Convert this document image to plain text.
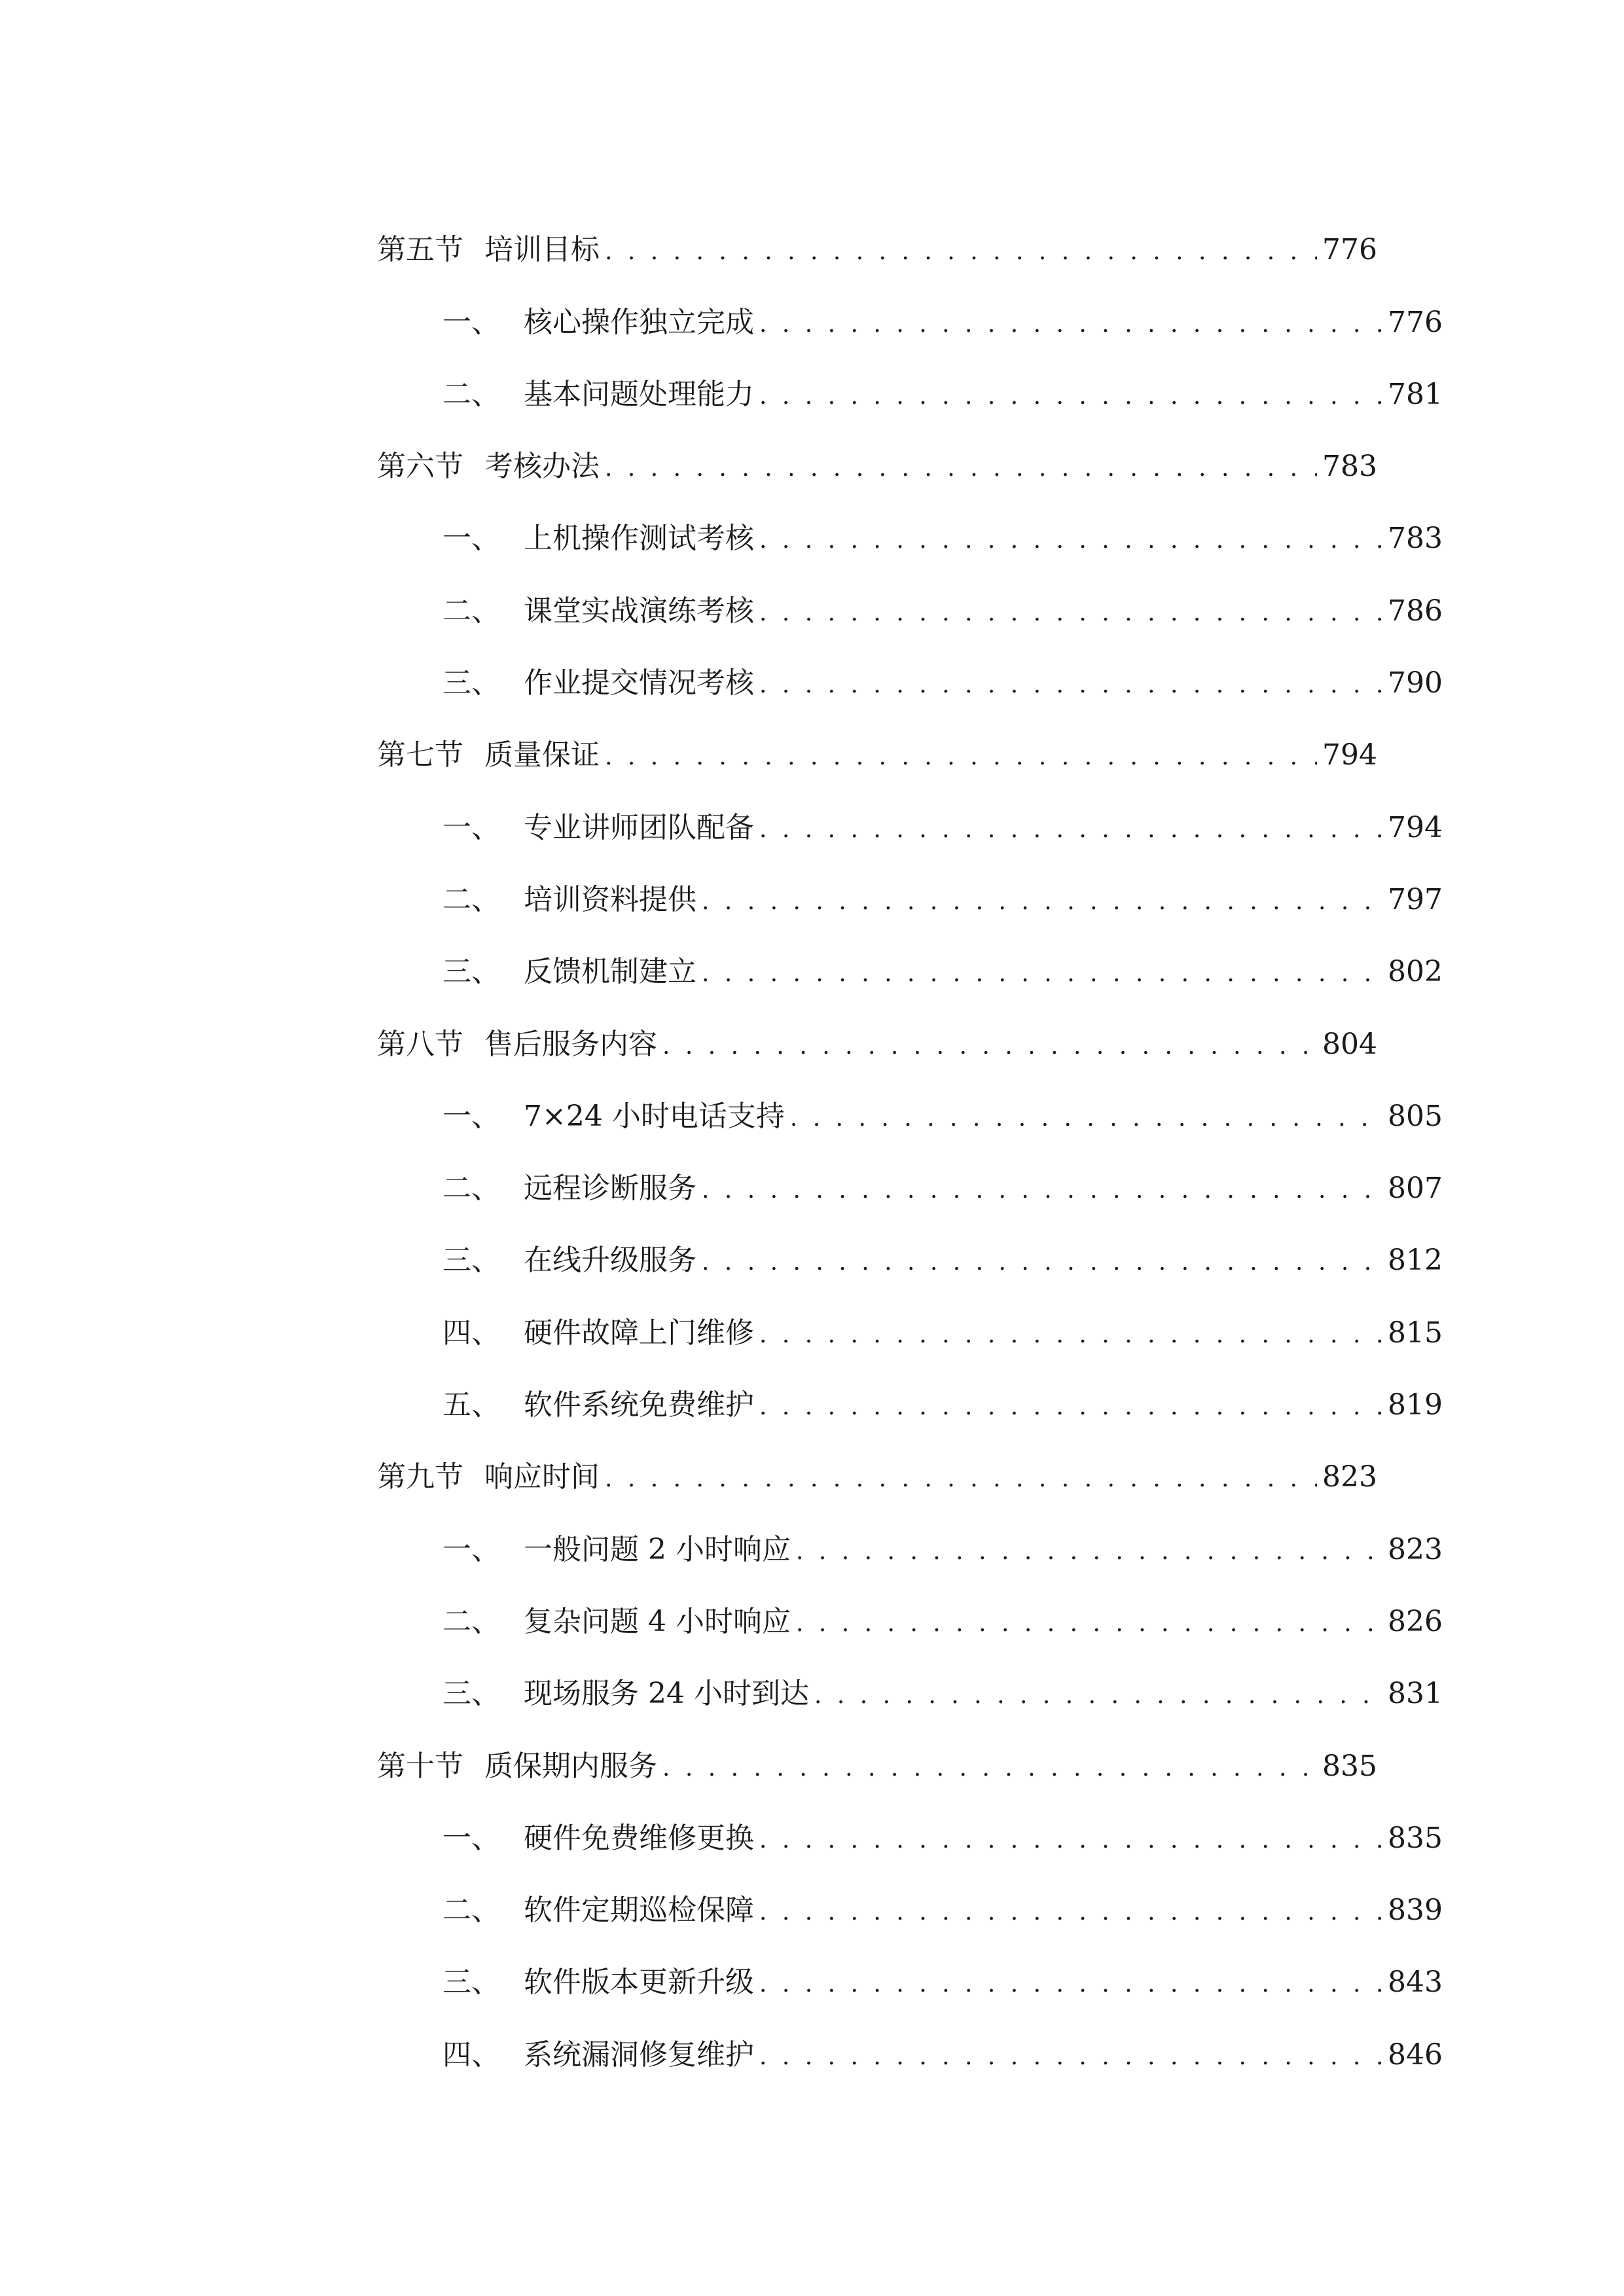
第五节 培训目标 . . .	776
一、 核心操作独立完成 . . .	776
二、 基本问题处理能力 . . .	781
第六节 考核办法 . . .	783
一、 上机操作测试考核 . . .	783
二、 课堂实战演练考核 . . .	786
三、 作业提交情况考核 . . .	790
第七节 质量保证 . . .	794
一、 专业讲师团队配备 . . .	794
二、 培训资料提供 . . .	797
三、 反馈机制建立 . . .	802
第八节 售后服务内容 . . .	804
一、 7×24 小时电话支持 . . .	805
二、 远程诊断服务 . . .	807
三、 在线升级服务 . . .	812
四、 硬件故障上门维修 . . .	815
五、 软件系统免费维护 . . .	819
第九节 响应时间 . . .	823
一、 一般问题 2 小时响应 . . .	823
二、 复杂问题 4 小时响应 . . .	826
三、 现场服务 24 小时到达 . . .	831
第十节 质保期内服务 . . .	835
一、 硬件免费维修更换 . . .	835
二、 软件定期巡检保障 . . .	839
三、 软件版本更新升级 . . .	843
四、 系统漏洞修复维护 . . .	846
